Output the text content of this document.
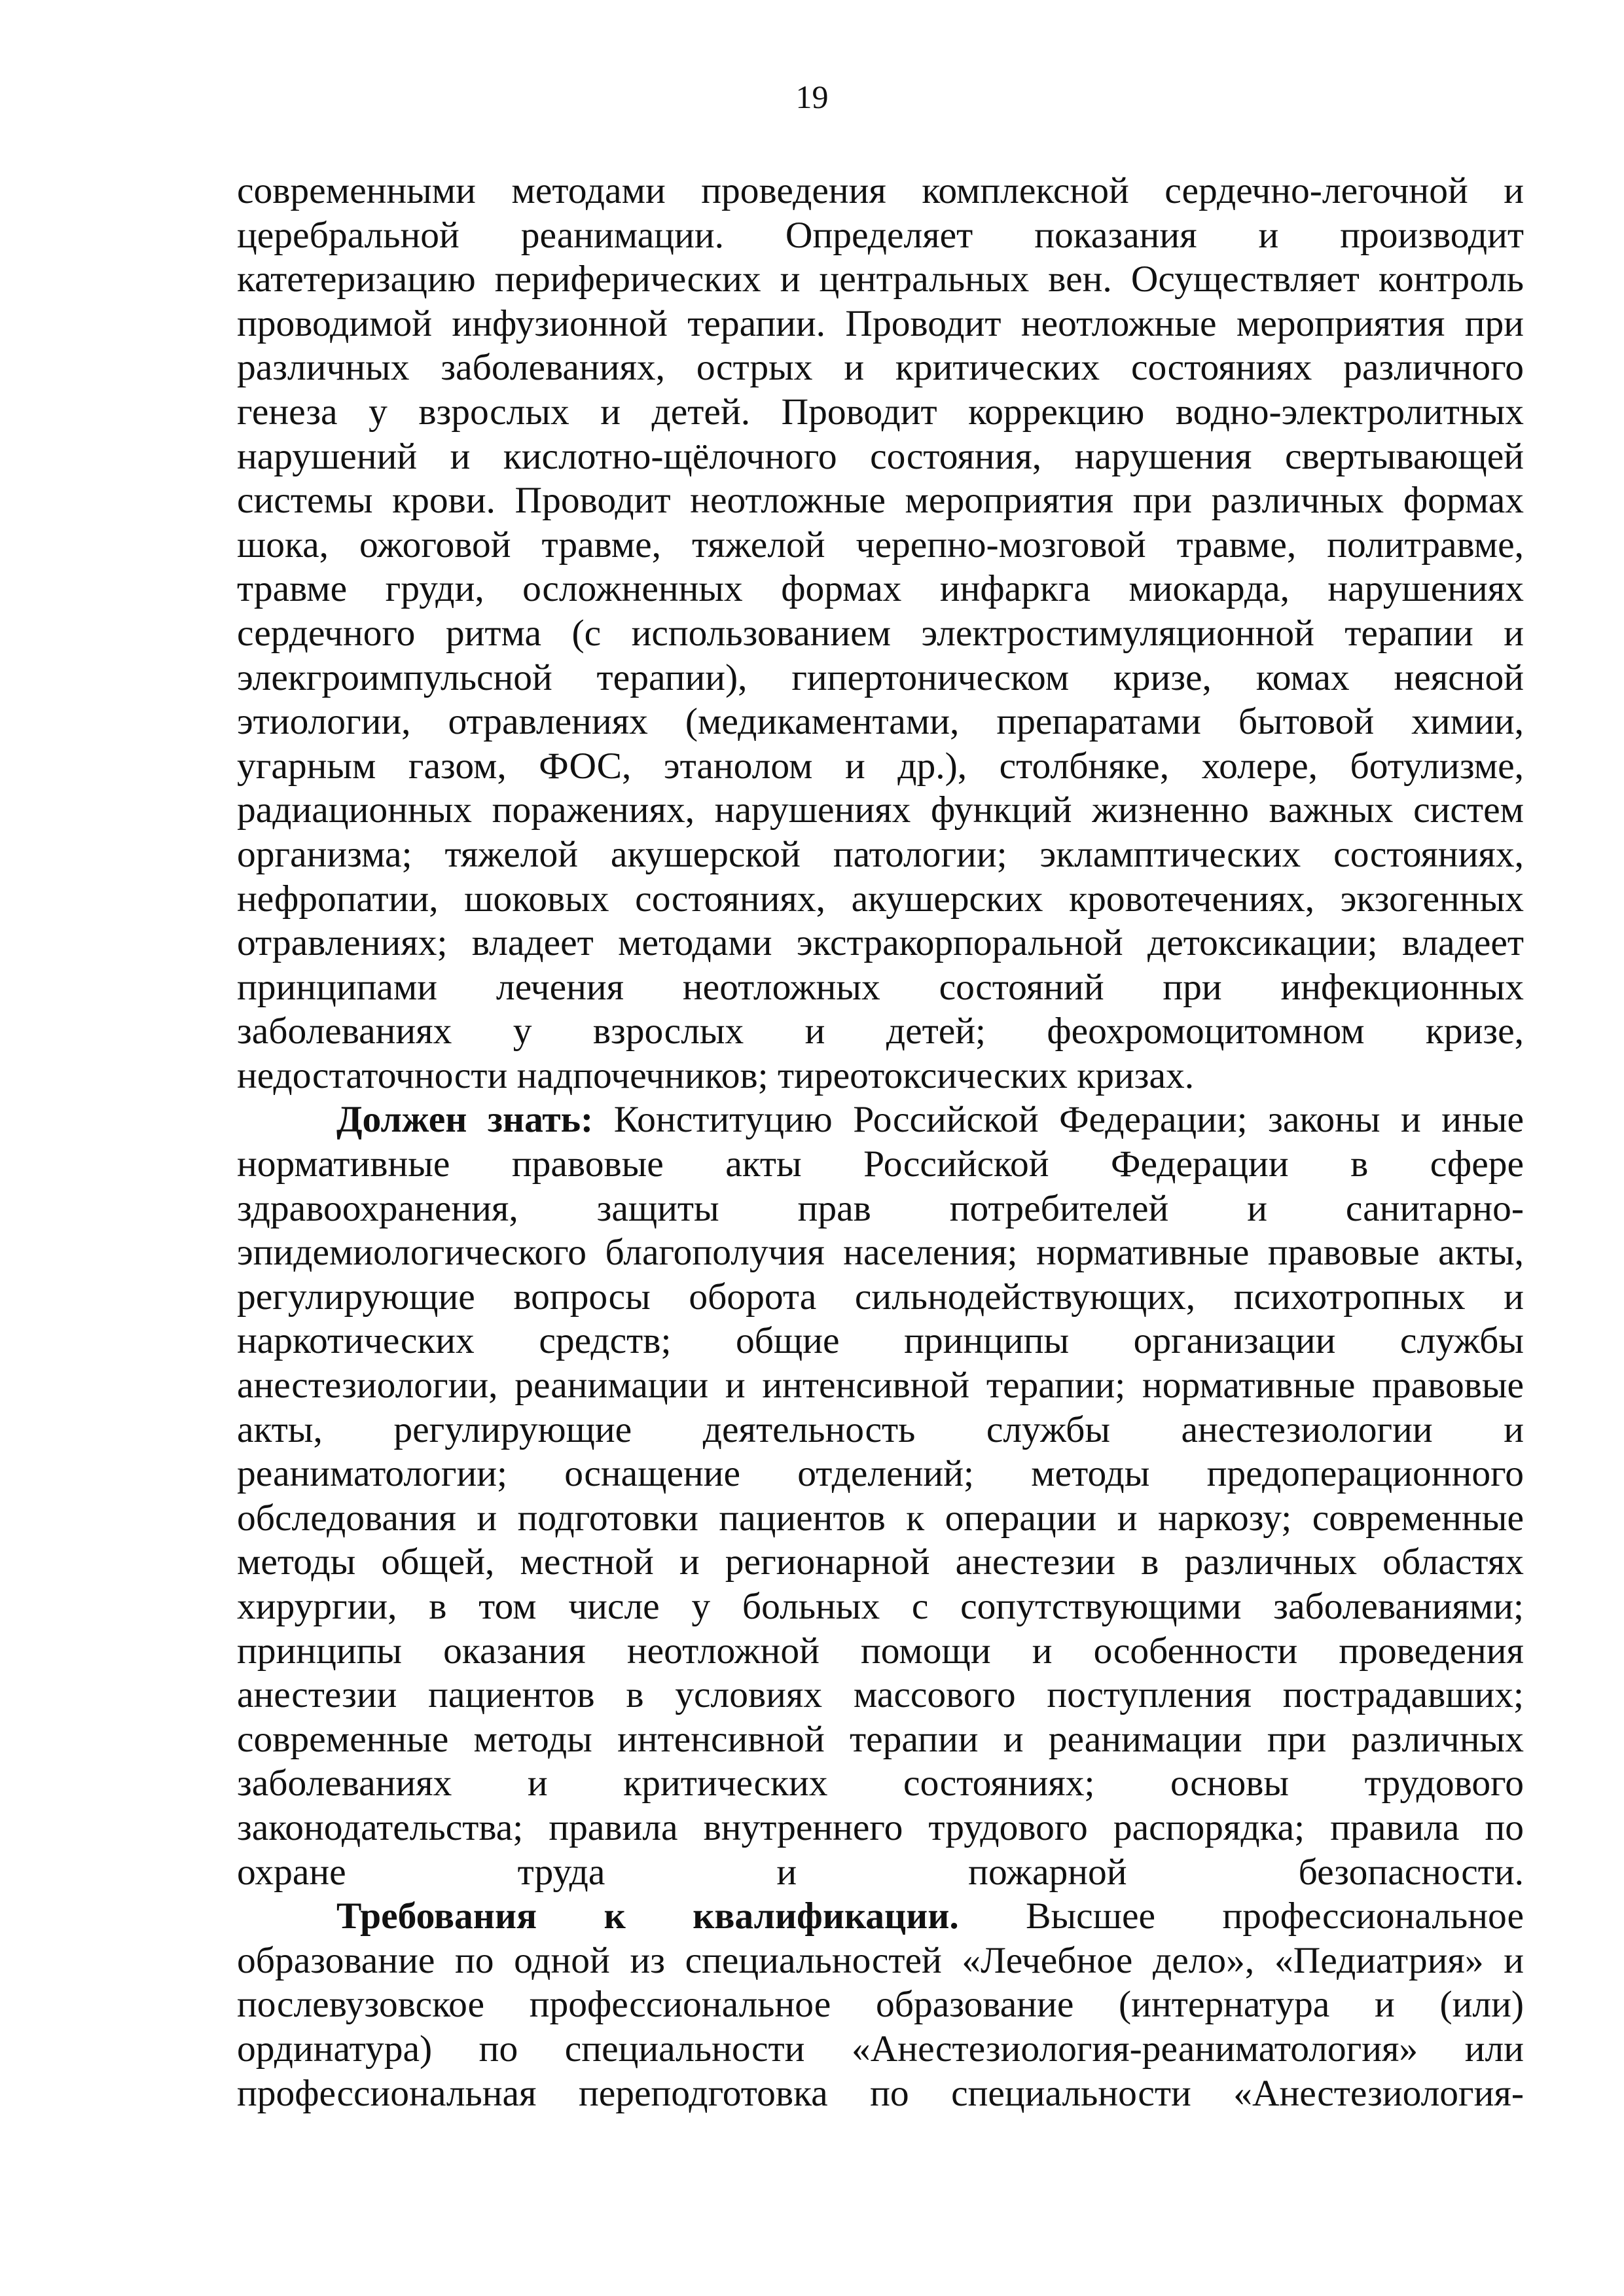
19
современными методами проведения комплексной сердечно-легочной и
церебральной реанимации. Определяет показания и производит
катетеризацию периферических и центральных вен. Осуществляет контроль
проводимой инфузионной терапии. Проводит неотложные мероприятия при
различных заболеваниях, острых и критических состояниях различного
генеза у взрослых и детей. Проводит коррекцию водно-электролитных
нарушений и кислотно-щёлочного состояния, нарушения свертывающей
системы крови. Проводит неотложные мероприятия при различных формах
шока, ожоговой травме, тяжелой черепно-мозговой травме, политравме,
травме груди, осложненных формах инфаркга миокарда, нарушениях
сердечного ритма (с использованием электростимуляционной терапии и
элекгроимпульсной терапии), гипертоническом кризе, комах неясной
этиологии, отравлениях (медикаментами, препаратами бытовой химии,
угарным газом, ФОС, этанолом и др.), столбняке, холере, ботулизме,
радиационных поражениях, нарушениях функций жизненно важных систем
организма; тяжелой акушерской патологии; экламптических состояниях,
нефропатии, шоковых состояниях, акушерских кровотечениях, экзогенных
отравлениях; владеет методами экстракорпоральной детоксикации; владеет
принципами лечения неотложных состояний при инфекционных
заболеваниях у взрослых и детей; феохромоцитомном кризе,
недостаточности надпочечников; тиреотоксических кризах.
Должен знать: Конституцию Российской Федерации; законы и иные
нормативные правовые акты Российской Федерации в сфере
здравоохранения, защиты прав потребителей и санитарно-
эпидемиологического благополучия населения; нормативные правовые акты,
регулирующие вопросы оборота сильнодействующих, психотропных и
наркотических средств; общие принципы организации службы
анестезиологии, реанимации и интенсивной терапии; нормативные правовые
акты, регулирующие деятельность службы анестезиологии и
реаниматологии; оснащение отделений; методы предоперационного
обследования и подготовки пациентов к операции и наркозу; современные
методы общей, местной и регионарной анестезии в различных областях
хирургии, в том числе у больных с сопутствующими заболеваниями;
принципы оказания неотложной помощи и особенности проведения
анестезии пациентов в условиях массового поступления пострадавших;
современные методы интенсивной терапии и реанимации при различных
заболеваниях и критических состояниях; основы трудового
законодательства; правила внутреннего трудового распорядка; правила по
охране труда и пожарной безопасности.
Требования к квалификации. Высшее профессиональное
образование по одной из специальностей «Лечебное дело», «Педиатрия» и
послевузовское профессиональное образование (интернатура и (или)
ординатура) по специальности «Анестезиология-реаниматология» или
профессиональная переподготовка по специальности «Анестезиология-
